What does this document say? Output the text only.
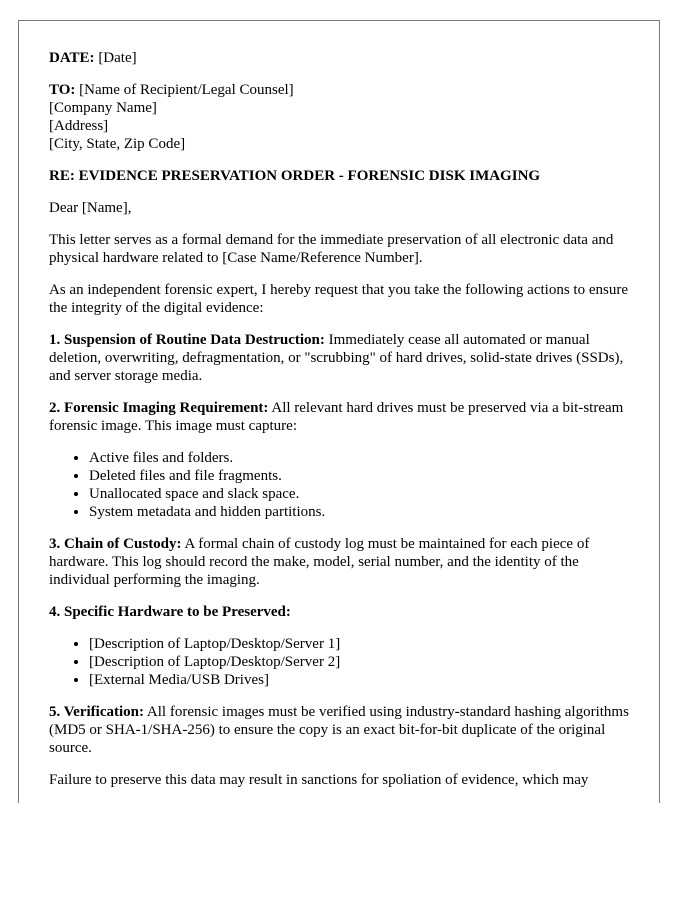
DATE: [Date]
TO: [Name of Recipient/Legal Counsel]
[Company Name]
[Address]
[City, State, Zip Code]
RE: EVIDENCE PRESERVATION ORDER - FORENSIC DISK IMAGING
Dear [Name],

This letter serves as a formal demand for the immediate preservation of all electronic data and physical hardware related to [Case Name/Reference Number].

As an independent forensic expert, I hereby request that you take the following actions to ensure the integrity of the digital evidence:

1. Suspension of Routine Data Destruction: Immediately cease all automated or manual deletion, overwriting, defragmentation, or "scrubbing" of hard drives, solid-state drives (SSDs), and server storage media.

2. Forensic Imaging Requirement: All relevant hard drives must be preserved via a bit-stream forensic image. This image must capture:

• Active files and folders.
• Deleted files and file fragments.
• Unallocated space and slack space.
• System metadata and hidden partitions.

3. Chain of Custody: A formal chain of custody log must be maintained for each piece of hardware. This log should record the make, model, serial number, and the identity of the individual performing the imaging.

4. Specific Hardware to be Preserved:

• [Description of Laptop/Desktop/Server 1]
• [Description of Laptop/Desktop/Server 2]
• [External Media/USB Drives]

5. Verification: All forensic images must be verified using industry-standard hashing algorithms (MD5 or SHA-1/SHA-256) to ensure the copy is an exact bit-for-bit duplicate of the original source.

Failure to preserve this data may result in sanctions for spoliation of evidence, which may
